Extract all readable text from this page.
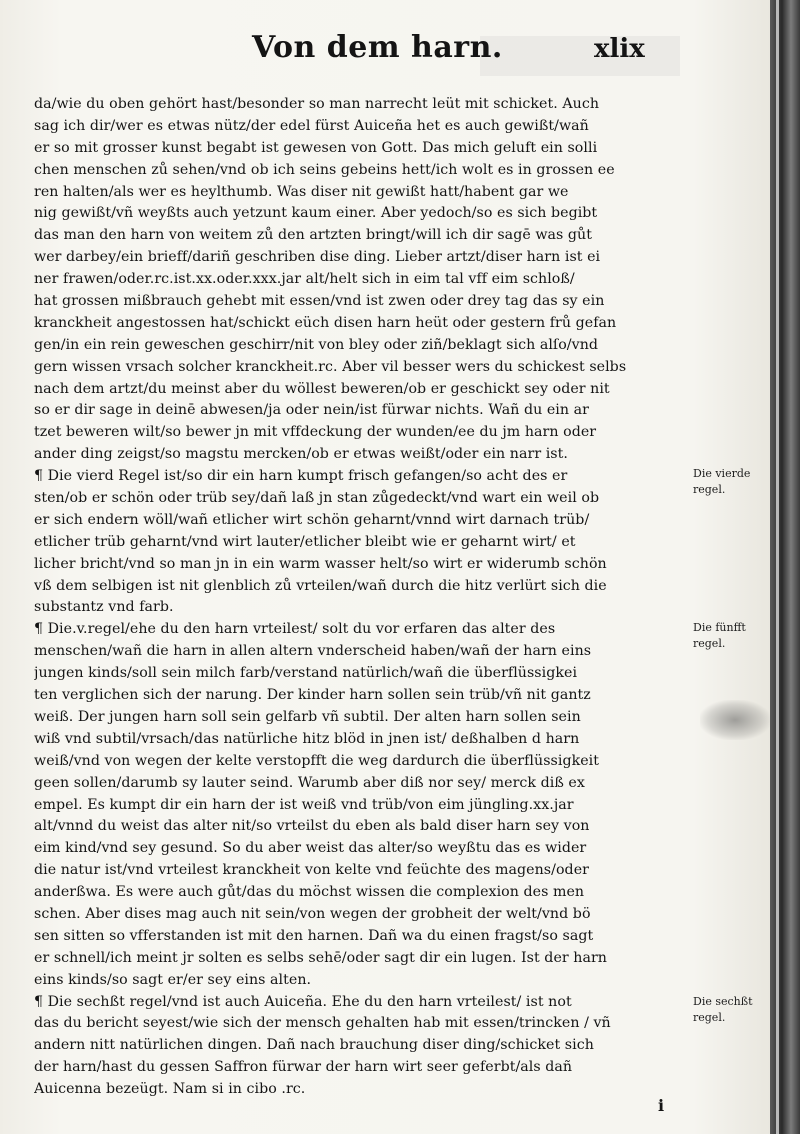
Von dem harn.	xlix
da/wie du oben gehört hast/besonder so man narrecht leüt mit schicket. Auch
sag ich dir/wer es etwas nütz/der edel fürst Auiceña het es auch gewißt/wañ
er so mit grosser kunst begabt ist gewesen von Gott. Das mich geluft ein solli
chen menschen zů sehen/vnd ob ich seins gebeins hett/ich wolt es in grossen ee
ren halten/als wer es heylthumb. Was diser nit gewißt hatt/habent gar we
nig gewißt/vñ weyßts auch yetzunt kaum einer. Aber yedoch/so es sich begibt
das man den harn von weitem zů den artzten bringt/will ich dir sagē was gůt
wer darbey/ein brieff/dariñ geschriben dise ding. Lieber artzt/diser harn ist ei
ner frawen/oder.rc.ist.xx.oder.xxx.jar alt/helt sich in eim tal vff eim schloß/
hat grossen mißbrauch gehebt mit essen/vnd ist zwen oder drey tag das sy ein
kranckheit angestossen hat/schickt eüch disen harn heüt oder gestern frů gefan
gen/in ein rein geweschen geschirr/nit von bley oder ziñ/beklagt sich alſo/vnd
gern wissen vrsach solcher kranckheit.rc. Aber vil besser wers du schickest selbs
nach dem artzt/du meinst aber du wöllest beweren/ob er geschickt sey oder nit
so er dir sage in deinē abwesen/ja oder nein/ist fürwar nichts. Wañ du ein ar
tzet beweren wilt/so bewer jn mit vffdeckung der wunden/ee du jm harn oder
ander ding zeigst/so magstu mercken/ob er etwas weißt/oder ein narr ist.
¶ Die vierd Regel ist/so dir ein harn kumpt frisch gefangen/so acht des er
sten/ob er schön oder trüb sey/dañ laß jn stan zůgedeckt/vnd wart ein weil ob
er sich endern wöll/wañ etlicher wirt schön geharnt/vnnd wirt darnach trüb/
etlicher trüb geharnt/vnd wirt lauter/etlicher bleibt wie er geharnt wirt/ et
licher bricht/vnd so man jn in ein warm wasser helt/so wirt er widerumb schön
vß dem selbigen ist nit glenblich zů vrteilen/wañ durch die hitz verlürt sich die
substantz vnd farb.
¶ Die.v.regel/ehe du den harn vrteilest/ solt du vor erfaren das alter des
menschen/wañ die harn in allen altern vnderscheid haben/wañ der harn eins
jungen kinds/soll sein milch farb/verstand natürlich/wañ die überflüssigkei
ten verglichen sich der narung. Der kinder harn sollen sein trüb/vñ nit gantz
weiß. Der jungen harn soll sein gelfarb vñ subtil. Der alten harn sollen sein
wiß vnd subtil/vrsach/das natürliche hitz blöd in jnen ist/ deßhalben d harn
weiß/vnd von wegen der kelte verstopfft die weg dardurch die überflüssigkeit
geen sollen/darumb sy lauter seind. Warumb aber diß nor sey/ merck diß ex
empel. Es kumpt dir ein harn der ist weiß vnd trüb/von eim jüngling.xx.jar
alt/vnnd du weist das alter nit/so vrteilst du eben als bald diser harn sey von
eim kind/vnd sey gesund. So du aber weist das alter/so weyßtu das es wider
die natur ist/vnd vrteilest kranckheit von kelte vnd feüchte des magens/oder
anderßwa. Es were auch gůt/das du möchst wissen die complexion des men
schen. Aber dises mag auch nit sein/von wegen der grobheit der welt/vnd bö
sen sitten so vfferstanden ist mit den harnen. Dañ wa du einen fragst/so sagt
er schnell/ich meint jr solten es selbs sehē/oder sagt dir ein lugen. Ist der harn
eins kinds/so sagt er/er sey eins alten.
¶ Die sechßt regel/vnd ist auch Auiceña. Ehe du den harn vrteilest/ ist not
das du bericht seyest/wie sich der mensch gehalten hab mit essen/trincken / vñ
andern nitt natürlichen dingen. Dañ nach brauchung diser ding/schicket sich
der harn/hast du gessen Saffron fürwar der harn wirt seer geferbt/als dañ
Auicenna bezeügt. Nam si in cibo .rc.
Die vierde
regel.
Die fünfft
regel.
Die sechßt
regel.
i
